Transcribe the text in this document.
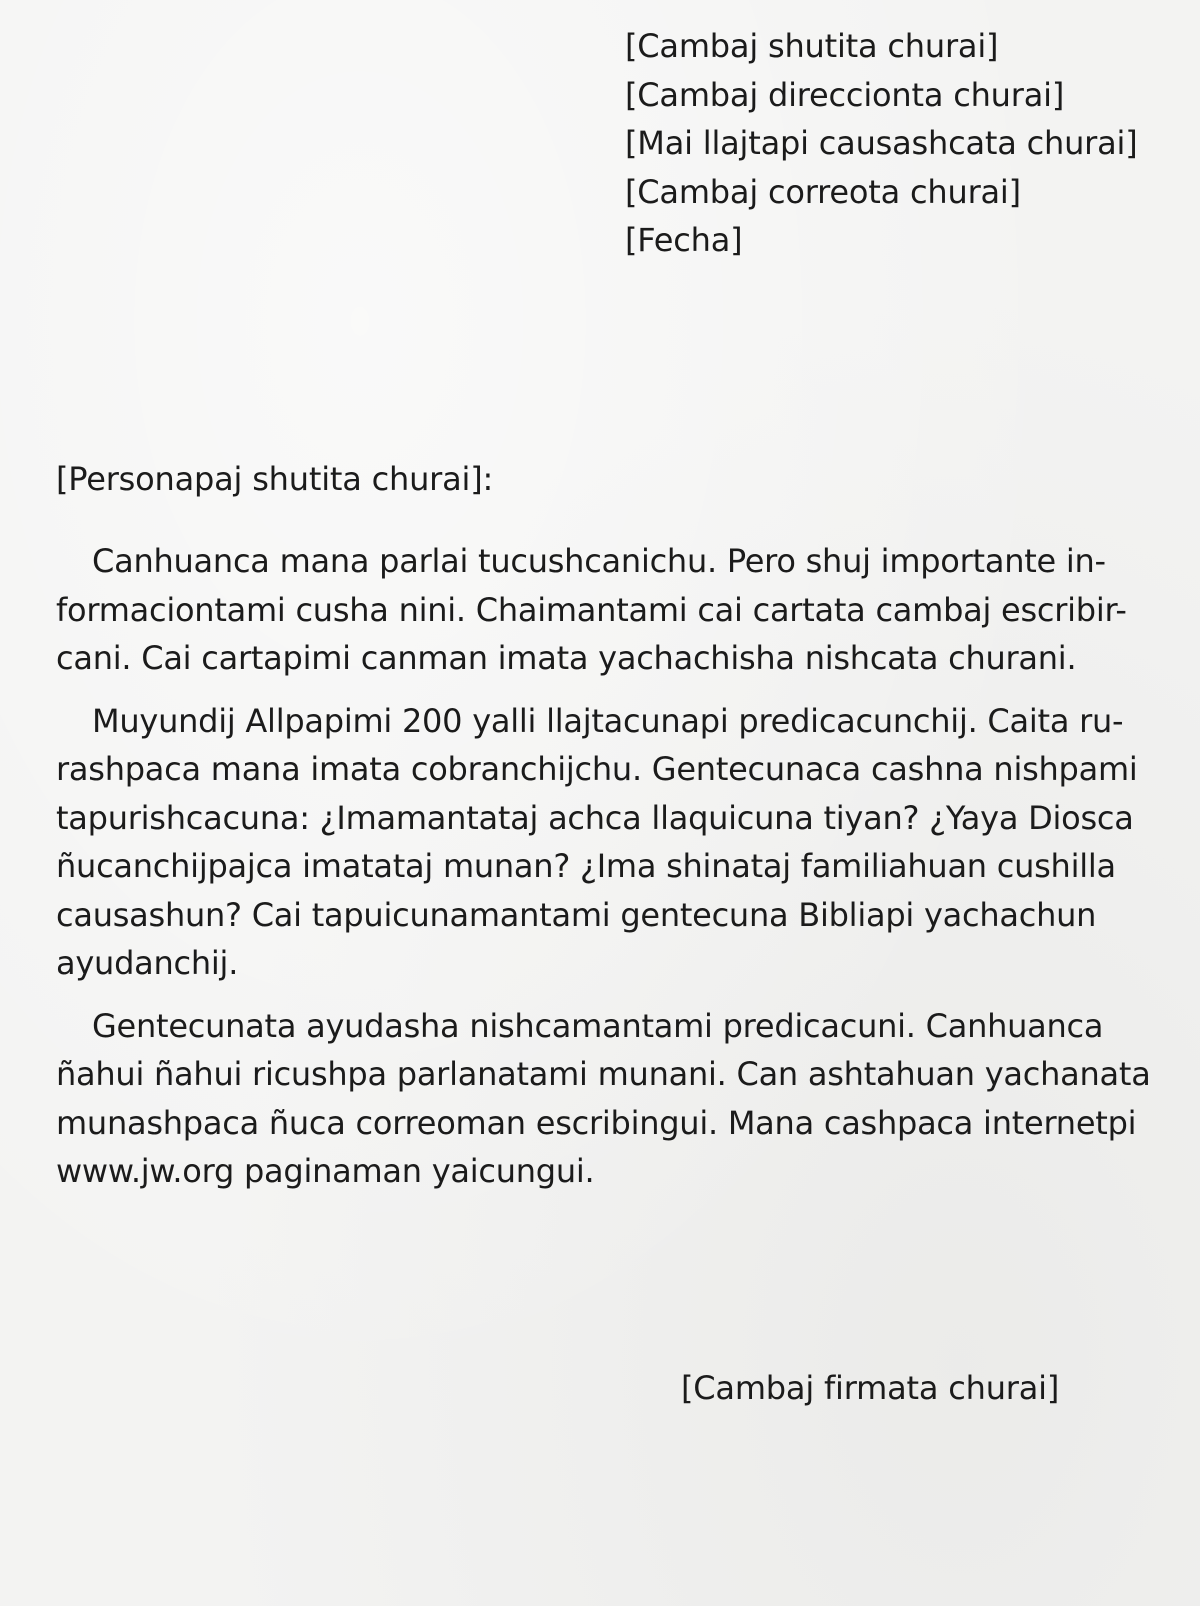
[Cambaj shutita churai]
[Cambaj direccionta churai]
[Mai llajtapi causashcata churai]
[Cambaj correota churai]
[Fecha]
[Personapaj shutita churai]:
Canhuanca mana parlai tucushcanichu. Pero shuj importante in-
formaciontami cusha nini. Chaimantami cai cartata cambaj escribir-
cani. Cai cartapimi canman imata yachachisha nishcata churani.
Muyundij Allpapimi 200 yalli llajtacunapi predicacunchij. Caita ru-
rashpaca mana imata cobranchijchu. Gentecunaca cashna nishpami
tapurishcacuna: ¿Imamantataj achca llaquicuna tiyan? ¿Yaya Diosca
ñucanchijpajca imatataj munan? ¿Ima shinataj familiahuan cushilla
causashun? Cai tapuicunamantami gentecuna Bibliapi yachachun
ayudanchij.
Gentecunata ayudasha nishcamantami predicacuni. Canhuanca
ñahui ñahui ricushpa parlanatami munani. Can ashtahuan yachanata
munashpaca ñuca correoman escribingui. Mana cashpaca internetpi
www.jw.org paginaman yaicungui.
[Cambaj firmata churai]
